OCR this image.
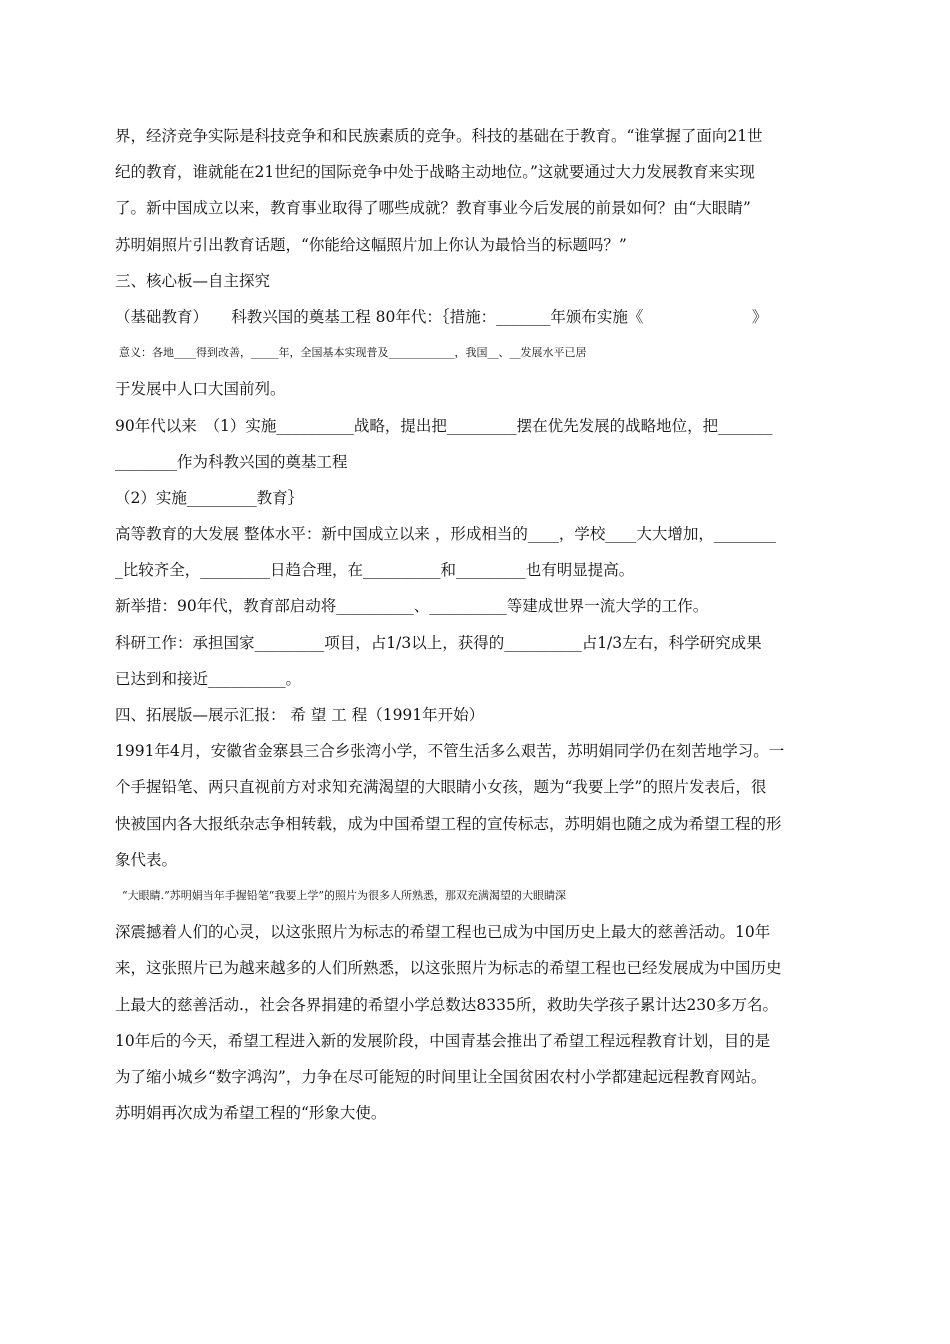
界，经济竞争实际是科技竞争和和民族素质的竞争。科技的基础在于教育。“谁掌握了面向21世
纪的教育，谁就能在21世纪的国际竞争中处于战略主动地位。”这就要通过大力发展教育来实现
了。新中国成立以来，教育事业取得了哪些成就？教育事业今后发展的前景如何？由“大眼睛”
苏明娟照片引出教育话题，“你能给这幅照片加上你认为最恰当的标题吗？”
三、核心板—自主探究
（基础教育）　　科教兴国的奠基工程 80年代：｛措施：_______年颁布实施《　　　　　　　》
意义：各地____得到改善，_____年，全国基本实现普及____________，我国__、__发展水平已居
于发展中人口大国前列。
90年代以来　（1）实施__________战略，提出把_________摆在优先发展的战略地位，把_______
________作为科教兴国的奠基工程
（2）实施_________教育｝
高等教育的大发展 整体水平：新中国成立以来 ，形成相当的____，学校____大大增加，________
_比较齐全，_________日趋合理，在__________和_________也有明显提高。
新举措：90年代，教育部启动将__________、__________等建成世界一流大学的工作。
科研工作：承担国家_________项目，占1/3以上，获得的__________占1/3左右，科学研究成果
已达到和接近__________。
四、拓展版—展示汇报： 希 望 工 程（1991年开始）
1991年4月，安徽省金寨县三合乡张湾小学，不管生活多么艰苦，苏明娟同学仍在刻苦地学习。一
个手握铅笔、两只直视前方对求知充满渴望的大眼睛小女孩，题为“我要上学”的照片发表后，很
快被国内各大报纸杂志争相转载，成为中国希望工程的宣传标志，苏明娟也随之成为希望工程的形
象代表。
“大眼睛.”苏明娟当年手握铅笔“我要上学”的照片为很多人所熟悉，那双充满渴望的大眼睛深
深震撼着人们的心灵，以这张照片为标志的希望工程也已成为中国历史上最大的慈善活动。10年
来，这张照片已为越来越多的人们所熟悉，以这张照片为标志的希望工程也已经发展成为中国历史
上最大的慈善活动.，社会各界捐建的希望小学总数达8335所，救助失学孩子累计达230多万名。
10年后的今天，希望工程进入新的发展阶段，中国青基会推出了希望工程远程教育计划，目的是
为了缩小城乡“数字鸿沟”，力争在尽可能短的时间里让全国贫困农村小学都建起远程教育网站。
苏明娟再次成为希望工程的“形象大使。
